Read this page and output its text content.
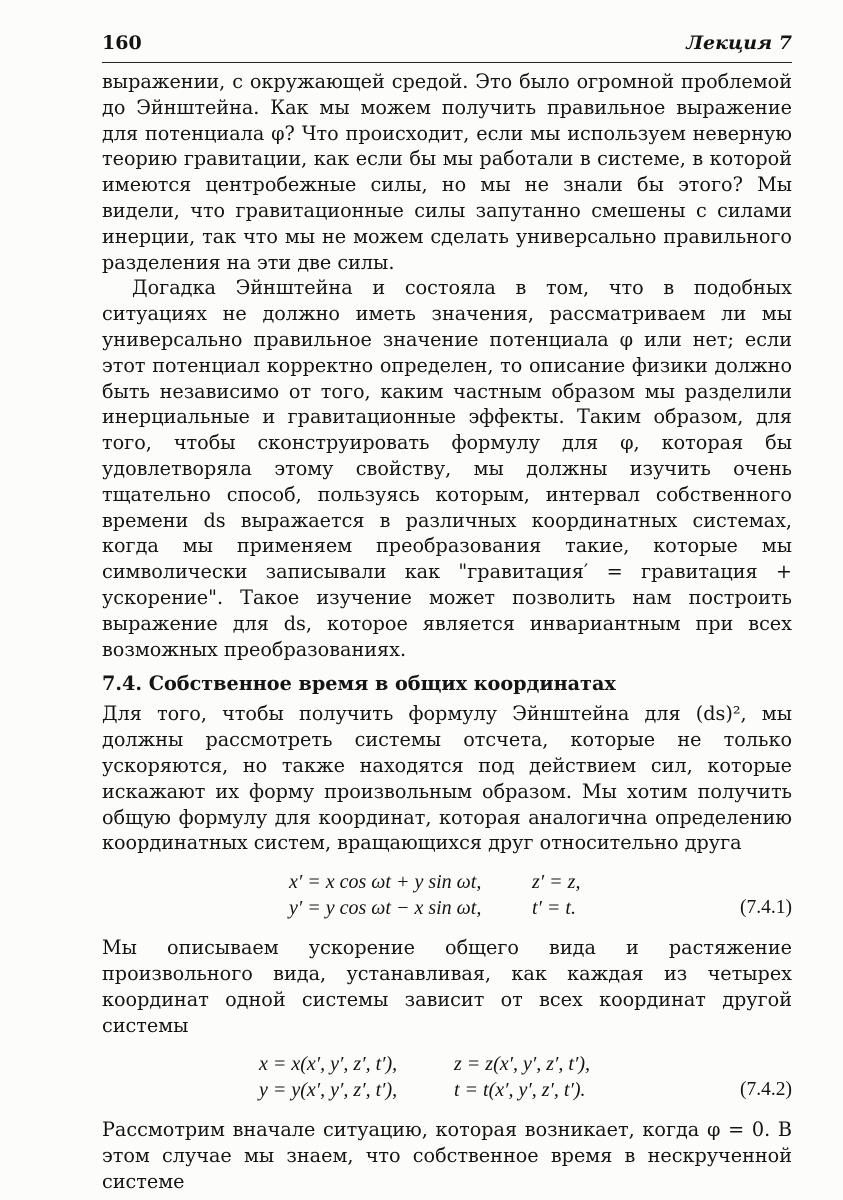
160	Лекция 7

выражении, с окружающей средой. Это было огромной проблемой до Эйнштейна. Как мы можем получить правильное выражение для потенциала φ? Что происходит, если мы используем неверную теорию гравитации, как если бы мы работали в системе, в которой имеются центробежные силы, но мы не знали бы этого? Мы видели, что гравитационные силы запутанно смешены с силами инерции, так что мы не можем сделать универсально правильного разделения на эти две силы.

Догадка Эйнштейна и состояла в том, что в подобных ситуациях не должно иметь значения, рассматриваем ли мы универсально правильное значение потенциала φ или нет; если этот потенциал корректно определен, то описание физики должно быть независимо от того, каким частным образом мы разделили инерциальные и гравитационные эффекты. Таким образом, для того, чтобы сконструировать формулу для φ, которая бы удовлетворяла этому свойству, мы должны изучить очень тщательно способ, пользуясь которым, интервал собственного времени ds выражается в различных координатных системах, когда мы применяем преобразования такие, которые мы символически записывали как "гравитация′ = гравитация + ускорение". Такое изучение может позволить нам построить выражение для ds, которое является инвариантным при всех возможных преобразованиях.

7.4. Собственное время в общих координатах

Для того, чтобы получить формулу Эйнштейна для (ds)², мы должны рассмотреть системы отсчета, которые не только ускоряются, но также находятся под действием сил, которые искажают их форму произвольным образом. Мы хотим получить общую формулу для координат, которая аналогична определению координатных систем, вращающихся друг относительно друга

x′ = x cos ωt + y sin ωt,	z′ = z,
y′ = y cos ωt − x sin ωt,	t′ = t.	(7.4.1)

Мы описываем ускорение общего вида и растяжение произвольного вида, устанавливая, как каждая из четырех координат одной системы зависит от всех координат другой системы

x = x(x′, y′, z′, t′),	z = z(x′, y′, z′, t′),
y = y(x′, y′, z′, t′),	t = t(x′, y′, z′, t′).	(7.4.2)

Рассмотрим вначале ситуацию, которая возникает, когда φ = 0. В этом случае мы знаем, что собственное время в нескрученной системе
